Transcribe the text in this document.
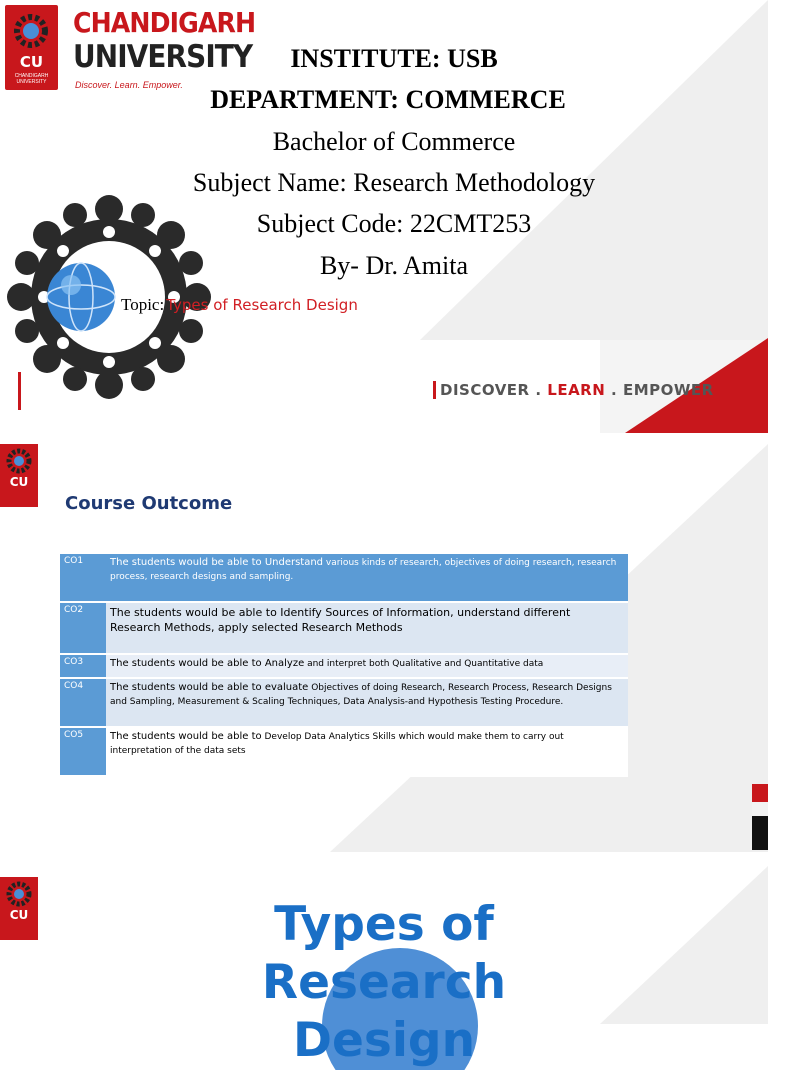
CU
CHANDIGARH
UNIVERSITY
CHANDIGARH
UNIVERSITY
Discover. Learn. Empower.
INSTITUTE: USB
DEPARTMENT: COMMERCE
Bachelor of Commerce
Subject Name: Research Methodology
Subject Code: 22CMT253
By- Dr. Amita
Topic: Types of Research Design
DISCOVER . LEARN . EMPOWER
CU
Course Outcome
CO1	The students would be able to Understand various kinds of research, objectives of doing research, research process, research designs and sampling.
CO2	The students would be able to Identify Sources of Information, understand different Research Methods, apply selected Research Methods
CO3	The students would be able to Analyze and interpret both Qualitative and Quantitative data
CO4	The students would be able to evaluate Objectives of doing Research, Research Process, Research Designs and Sampling, Measurement & Scaling Techniques, Data Analysis-and Hypothesis Testing Procedure.
CO5	The students would be able to Develop Data Analytics Skills which would make them to carry out interpretation of the data sets
CU	Types of
Research
Design
